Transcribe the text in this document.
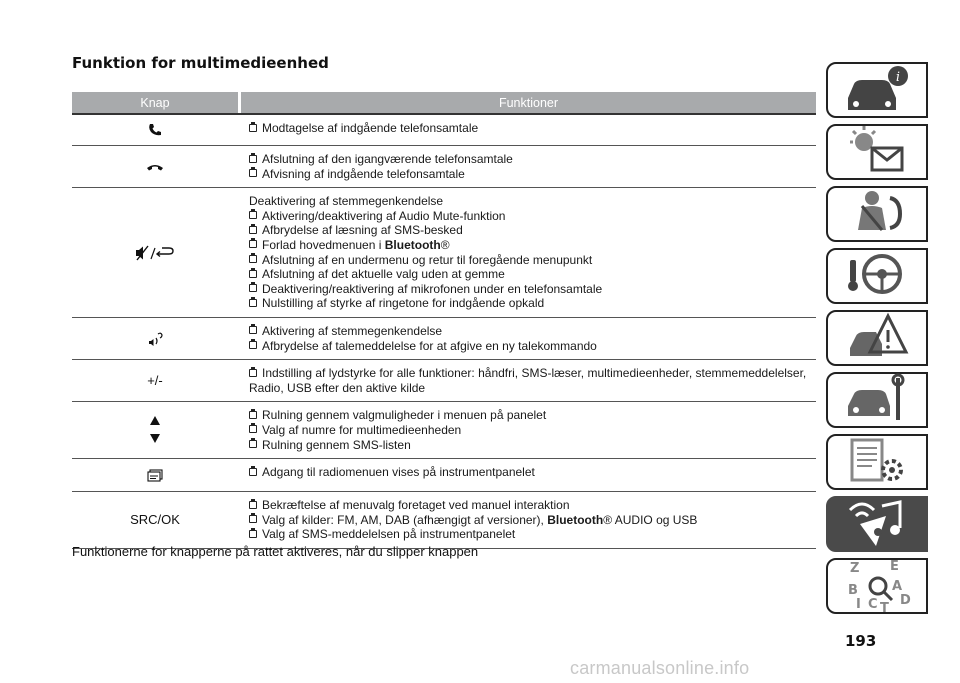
Funktion for multimedieenhed
Knap	Funktioner
Modtagelse af indgående telefonsamtale
Afslutning af den igangværende telefonsamtale
Afvisning af indgående telefonsamtale
Deaktivering af stemmegenkendelse
Aktivering/deaktivering af Audio Mute-funktion
Afbrydelse af læsning af SMS-besked
Forlad hovedmenuen i Bluetooth®
Afslutning af en undermenu og retur til foregående menupunkt
Afslutning af det aktuelle valg uden at gemme
Deaktivering/reaktivering af mikrofonen under en telefonsamtale
Nulstilling af styrke af ringetone for indgående opkald
Aktivering af stemmegenkendelse
Afbrydelse af talemeddelelse for at afgive en ny talekommando
+/-
Indstilling af lydstyrke for alle funktioner: håndfri, SMS-læser, multimedieenheder, stemmemeddelelser,
Radio, USB efter den aktive kilde
Rulning gennem valgmuligheder i menuen på panelet
Valg af numre for multimedieenheden
Rulning gennem SMS-listen
Adgang til radiomenuen vises på instrumentpanelet
SRC/OK
Bekræftelse af menuvalg foretaget ved manuel interaktion
Valg af kilder: FM, AM, DAB (afhængigt af versioner), Bluetooth® AUDIO og USB
Valg af SMS-meddelelsen på instrumentpanelet
Funktionerne for knapperne på rattet aktiveres, når du slipper knappen
193
carmanualsonline.info
i
Z E
B	A
I C T
D
